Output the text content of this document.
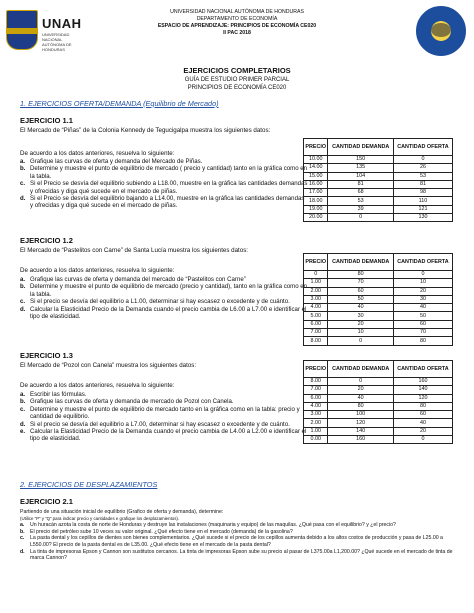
UNAH
UNIVERSIDAD NACIONAL AUTÓNOMA DE HONDURAS
UNIVERSIDAD NACIONAL AUTÓNOMA DE HONDURAS
DEPARTAMENTO DE ECONOMÍA
ESPACIO DE APRENDIZAJE: PRINCIPIOS DE ECONOMÍA CE020
II PAC 2018
EJERCICIOS COMPLETARIOS
GUÍA DE ESTUDIO PRIMER PARCIAL
PRINCIPIOS DE ECONOMÍA CE020
1. EJERCICIOS OFERTA/DEMANDA (Equilibrio de Mercado)
EJERCICIO 1.1
El Mercado de “Piñas” de la Colonia Kennedy de Tegucigalpa muestra los siguientes datos:
De acuerdo a los datos anteriores, resuelva lo siguiente:
a. Grafique las curvas de oferta y demanda del Mercado de Piñas.
b. Determine y muestre el punto de equilibrio de mercado ( precio y cantidad) tanto en la gráfica como en la tabla.
c. Si el Precio se desvía del equilibrio subiendo a L18.00, muestre en la gráfica las cantidades demandas y ofrecidas y diga qué sucede en el mercado de piñas.
d. Si el Precio se desvía del equilibrio bajando a L14.00, muestre en la gráfica las cantidades demandas y ofrecidas y diga qué sucede en el mercado de piñas.
PRECIO	CANTIDAD DEMANDA	CANTIDAD OFERTA
10.00	150	0
14.00	135	26
15.00	104	53
16.00	81	81
17.00	68	98
18.00	53	110
19.00	39	121
20.00	0	130
EJERCICIO 1.2
El Mercado de “Pastelitos con Carne” de Santa Lucía muestra los siguientes datos:
De acuerdo a los datos anteriores, resuelva lo siguiente:
a. Grafique las curvas de oferta y demanda del mercado de “Pastelitos con Carne”
b. Determine y muestre el punto de equilibrio de mercado (precio y cantidad), tanto en la gráfica como en la tabla.
c. Si el precio se desvía del equilibrio a L1.00, determinar si hay escasez o excedente y de cuánto.
d. Calcular la Elasticidad Precio de la Demanda cuando el precio cambia de L6.00 a L7.00 e identificar el tipo de elasticidad.
PRECIO	CANTIDAD DEMANDA	CANTIDAD OFERTA
0	80	0
1.00	70	10
2.00	60	20
3.00	50	30
4.00	40	40
5.00	30	50
6.00	20	60
7.00	10	70
8.00	0	80
EJERCICIO 1.3
El Mercado de “Pozol con Canela” muestra los siguientes datos:
De acuerdo a los datos anteriores, resuelva lo siguiente:
a. Escribir las fórmulas.
b. Grafique las curvas de oferta y demanda de mercado de Pozol con Canela.
c. Determine y muestre el punto de equilibrio de mercado tanto en la gráfica como en la tabla: precio y cantidad de equilibrio.
d. Si el precio se desvía del equilibrio a L7.00, determinar si hay escasez o excedente y de cuánto.
e. Calcular la Elasticidad Precio de la Demanda cuando el precio cambia de L4.00 a L2.00 e identificar el tipo de elasticidad.
PRECIO	CANTIDAD DEMANDA	CANTIDAD OFERTA
8.00	0	160
7.00	20	140
6.00	40	120
4.00	80	80
3.00	100	60
2.00	120	40
1.00	140	20
0.00	160	0
2. EJERCICIOS DE DESPLAZAMIENTOS
EJERCICIO 2.1
Partiendo de una situación inicial de equilibrio (Grafico de oferta y demanda), determine:
(Utilice “P” y “Q” para indicar precio y cantidades e grafique los desplazamientos).
a.	Un huracán azota la costa de norte de Honduras y destruye las instalaciones (maquinaria y equipo) de las maquilas. ¿Qué pasa con el equilibrio? y ¿el precio?
b.	El precio del petróleo sube 10 veces su valor original. ¿Qué efecto tiene en el mercado (demanda) de la gasolina?
c.	La pasta dental y los cepillos de dientes son bienes complementarios. ¿Qué sucede si el precio de los cepillos aumenta debido a los altos costos de producción y pasa de L25.00 a L550.00? El precio de la pasta dental es de L35.00. ¿Qué efecto tiene en el mercado de la pasta dental?
d.	La tinta de impresoras Epson y Cannon son sustitutos cercanos. La tinta de impresoras Epson sube su precio al pasar de L375.00a L1,200.00? ¿Qué sucede en el mercado de tinta de marca Cannon?
